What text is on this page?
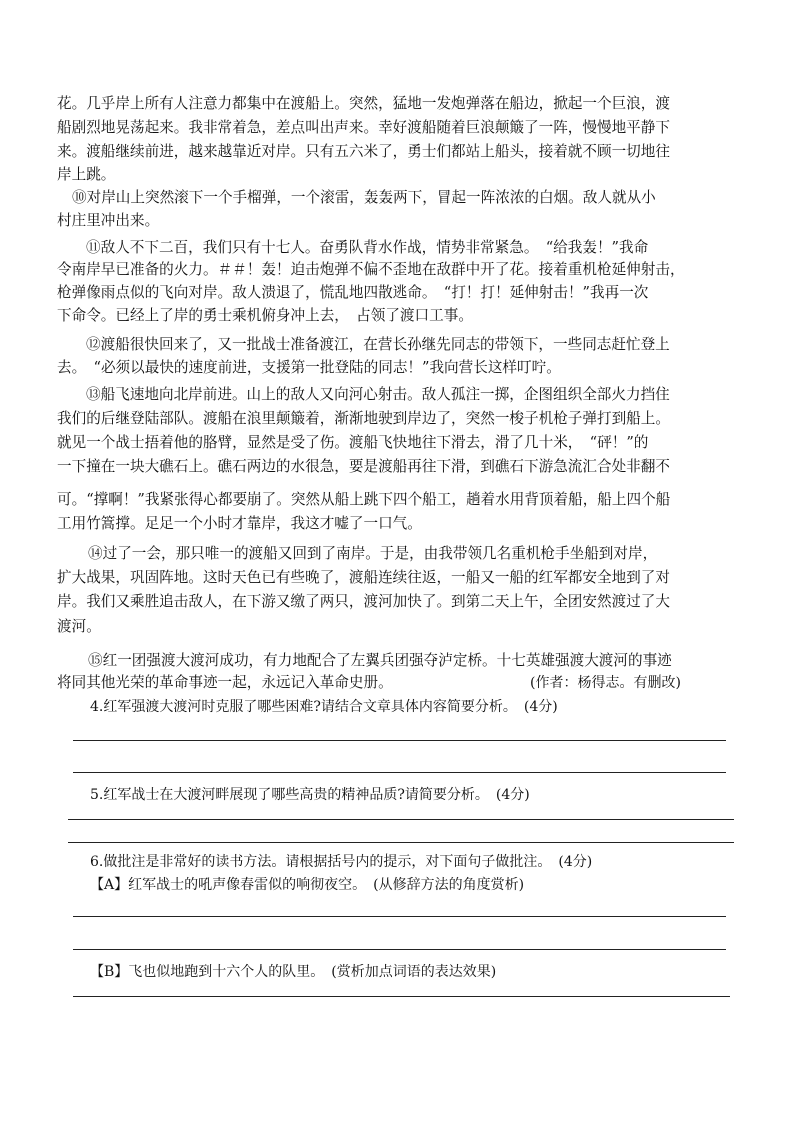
花。几乎岸上所有人注意力都集中在渡船上。突然，猛地一发炮弹落在船边，掀起一个巨浪，渡
船剧烈地晃荡起来。我非常着急，差点叫出声来。幸好渡船随着巨浪颠簸了一阵，慢慢地平静下
来。渡船继续前进，越来越靠近对岸。只有五六米了，勇士们都站上船头，接着就不顾一切地往
岸上跳。
⑩对岸山上突然滚下一个手榴弹，一个滚雷，轰轰两下，冒起一阵浓浓的白烟。敌人就从小
村庄里冲出来。
⑪敌人不下二百，我们只有十七人。奋勇队背水作战，情势非常紧急。　“给我轰！”我命
令南岸早已准备的火力。＃＃！轰！迫击炮弹不偏不歪地在敌群中开了花。接着重机枪延伸射击，
枪弹像雨点似的飞向对岸。敌人溃退了，慌乱地四散逃命。　“打！打！延伸射击！”我再一次
下命令。已经上了岸的勇士乘机俯身冲上去，　占领了渡口工事。
⑫渡船很快回来了，又一批战士准备渡江，在营长孙继先同志的带领下，一些同志赶忙登上
去。　“必须以最快的速度前进，支援第一批登陆的同志！”我向营长这样叮咛。
⑬船飞速地向北岸前进。山上的敌人又向河心射击。敌人孤注一掷，企图组织全部火力挡住
我们的后继登陆部队。渡船在浪里颠簸着，渐渐地驶到岸边了，突然一梭子机枪子弹打到船上。
就见一个战士捂着他的胳臂，显然是受了伤。渡船飞快地往下滑去，滑了几十米，　“砰！”的
一下撞在一块大礁石上。礁石两边的水很急，要是渡船再往下滑，到礁石下游急流汇合处非翻不
可。“撑啊！”我紧张得心都要崩了。突然从船上跳下四个船工，趟着水用背顶着船，船上四个船
工用竹篙撑。足足一个小时才靠岸，我这才嘘了一口气。
⑭过了一会，那只唯一的渡船又回到了南岸。于是，由我带领几名重机枪手坐船到对岸，
扩大战果，巩固阵地。这时天色已有些晚了，渡船连续往返，一船又一船的红军都安全地到了对
岸。我们又乘胜追击敌人，在下游又缴了两只，渡河加快了。到第二天上午，全团安然渡过了大
渡河。
⑮红一团强渡大渡河成功，有力地配合了左翼兵团强夺泸定桥。十七英雄强渡大渡河的事迹
将同其他光荣的革命事迹一起，永远记入革命史册。	(作者：杨得志。有删改)
4.红军强渡大渡河时克服了哪些困难?请结合文章具体内容简要分析。　(4分)
5.红军战士在大渡河畔展现了哪些高贵的精神品质?请简要分析。　(4分)
6.做批注是非常好的读书方法。请根据括号内的提示，对下面句子做批注。　(4分)
【A】红军战士的吼声像春雷似的响彻夜空。　(从修辞方法的角度赏析)
【B】飞也似地跑到十六个人的队里。　(赏析加点词语的表达效果)
